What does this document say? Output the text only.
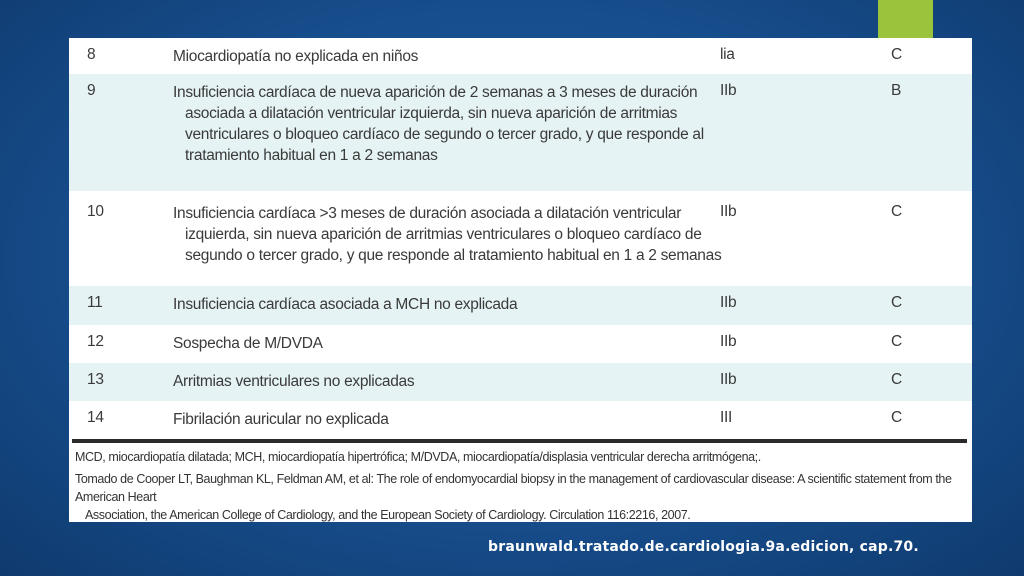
8	Miocardiopatía no explicada en niños	lia	C
9	Insuficiencia cardíaca de nueva aparición de 2 semanas a 3 meses de duración
asociada a dilatación ventricular izquierda, sin nueva aparición de arritmias
ventriculares o bloqueo cardíaco de segundo o tercer grado, y que responde al
tratamiento habitual en 1 a 2 semanas
IIb	B
10	Insuficiencia cardíaca >3 meses de duración asociada a dilatación ventricular
izquierda, sin nueva aparición de arritmias ventriculares o bloqueo cardíaco de
segundo o tercer grado, y que responde al tratamiento habitual en 1 a 2 semanas
IIb	C
11	Insuficiencia cardíaca asociada a MCH no explicada	IIb	C
12	Sospecha de M/DVDA	IIb	C
13	Arritmias ventriculares no explicadas	IIb	C
14	Fibrilación auricular no explicada	III	C
MCD, miocardiopatía dilatada; MCH, miocardiopatía hipertrófica; M/DVDA, miocardiopatía/displasia ventricular derecha arritmógena;.
Tomado de Cooper LT, Baughman KL, Feldman AM, et al: The role of endomyocardial biopsy in the management of cardiovascular disease: A scientific statement from the American Heart
Association, the American College of Cardiology, and the European Society of Cardiology. Circulation 116:2216, 2007.
braunwald.tratado.de.cardiologia.9a.edicion, cap.70.
